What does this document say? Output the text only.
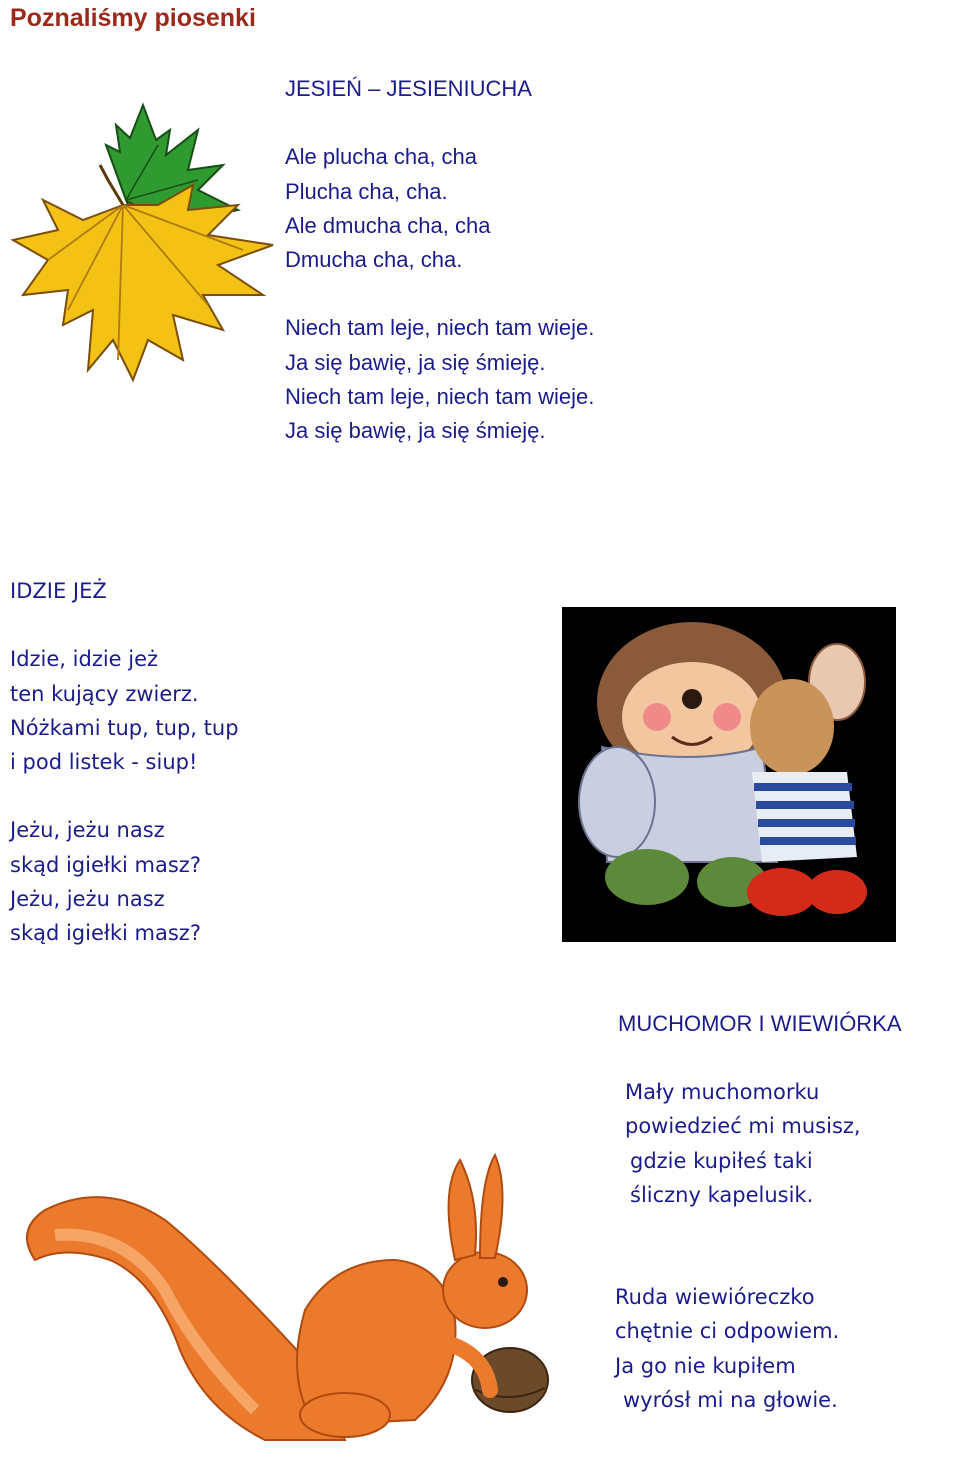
Poznaliśmy piosenki
JESIEŃ – JESIENIUCHA
Ale plucha cha, cha
Plucha cha, cha.
Ale dmucha cha, cha
Dmucha cha, cha.
Niech tam leje, niech tam wieje.
Ja się bawię, ja się śmieję.
Niech tam leje, niech tam wieje.
Ja się bawię, ja się śmieję.
IDZIE JEŻ
Idzie, idzie jeż
ten kujący zwierz.
Nóżkami tup, tup, tup
i pod listek - siup!
Jeżu, jeżu nasz
skąd igiełki masz?
Jeżu, jeżu nasz
skąd igiełki masz?
MUCHOMOR I WIEWIÓRKA
Mały muchomorku
powiedzieć mi musisz,
gdzie kupiłeś taki
śliczny kapelusik.
Ruda wiewióreczko
chętnie ci odpowiem.
Ja go nie kupiłem
wyrósł mi na głowie.
